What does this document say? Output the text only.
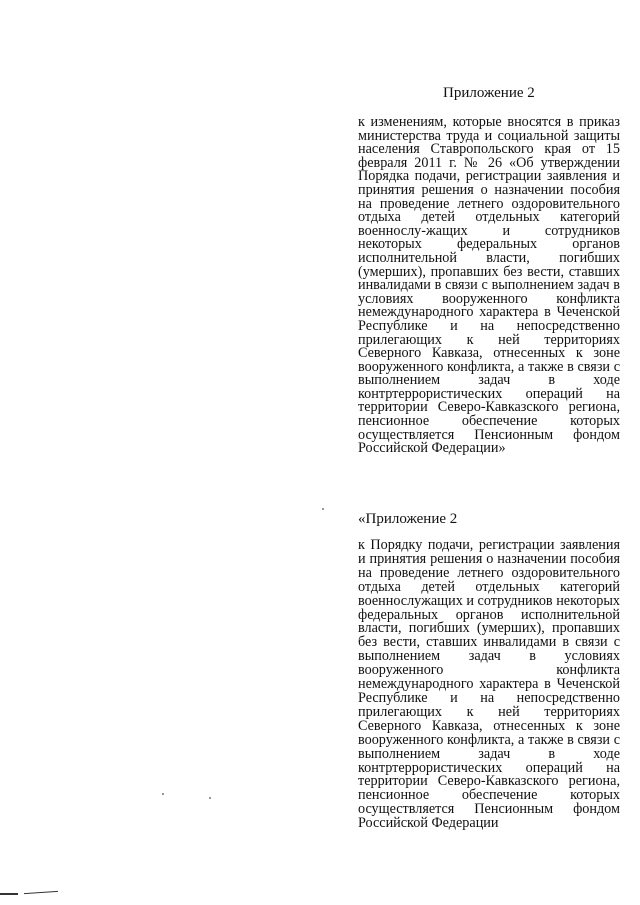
Приложение 2
к изменениям, которые вносятся в приказ министерства труда и социальной защиты населения Ставропольского края от 15 февраля 2011 г. № 26 «Об утверждении Порядка подачи, регистрации заявления и принятия решения о назначении пособия на проведение летнего оздоровительного отдыха детей отдельных категорий военнослу-жащих и сотрудников некоторых федеральных органов исполнительной власти, погибших (умерших), пропавших без вести, ставших инвалидами в связи с выполнением задач в условиях вооруженного конфликта немеждународного характера в Чеченской Республике и на непосредственно прилегающих к ней территориях Северного Кавказа, отнесенных к зоне вооруженного конфликта, а также в связи с выполнением задач в ходе контртеррористических операций на территории Северо-Кавказского региона, пенсионное обеспечение которых осуществляется Пенсионным фондом Российской Федерации»
«Приложение 2
к Порядку подачи, регистрации заявления и принятия решения о назначении пособия на проведение летнего оздоровительного отдыха детей отдельных категорий военнослужащих и сотрудников некоторых федеральных органов исполнительной власти, погибших (умерших), пропавших без вести, ставших инвалидами в связи с выполнением задач в условиях вооруженного конфликта немеждународного характера в Чеченской Республике и на непосредственно прилегающих к ней территориях Северного Кавказа, отнесенных к зоне вооруженного конфликта, а также в связи с выполнением задач в ходе контртеррористических операций на территории Северо-Кавказского региона, пенсионное обеспечение которых осуществляется Пенсионным фондом Российской Федерации
